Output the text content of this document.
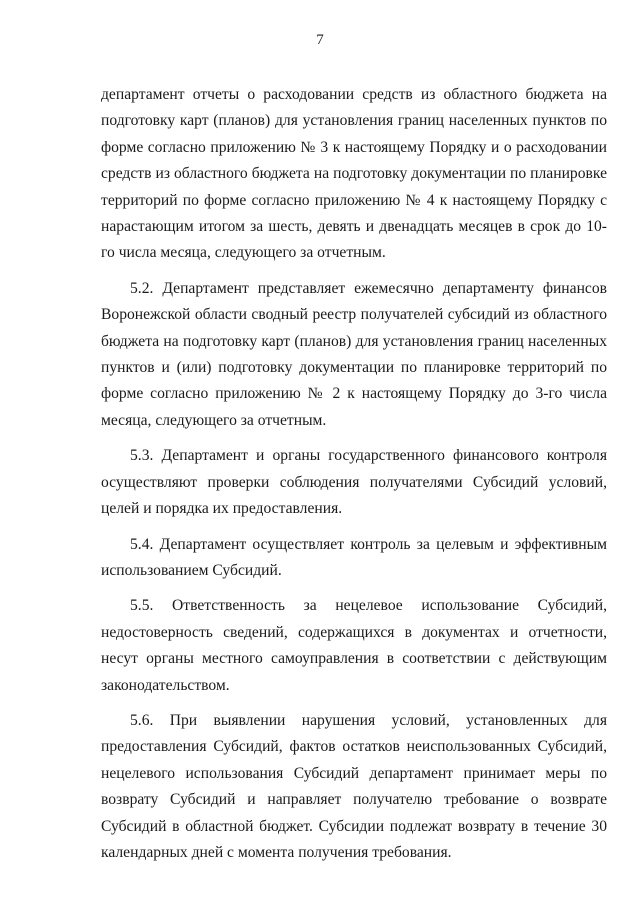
7

департамент отчеты о расходовании средств из областного бюджета на подготовку карт (планов) для установления границ населенных пунктов по форме согласно приложению № 3 к настоящему Порядку и о расходовании средств из областного бюджета на подготовку документации по планировке территорий по форме согласно приложению № 4 к настоящему Порядку с нарастающим итогом за шесть, девять и двенадцать месяцев в срок до 10-го числа месяца, следующего за отчетным.

5.2. Департамент представляет ежемесячно департаменту финансов Воронежской области сводный реестр получателей субсидий из областного бюджета на подготовку карт (планов) для установления границ населенных пунктов и (или) подготовку документации по планировке территорий по форме согласно приложению № 2 к настоящему Порядку до 3-го числа месяца, следующего за отчетным.

5.3. Департамент и органы государственного финансового контроля осуществляют проверки соблюдения получателями Субсидий условий, целей и порядка их предоставления.

5.4. Департамент осуществляет контроль за целевым и эффективным использованием Субсидий.

5.5. Ответственность за нецелевое использование Субсидий, недостоверность сведений, содержащихся в документах и отчетности, несут органы местного самоуправления в соответствии с действующим законодательством.

5.6. При выявлении нарушения условий, установленных для предоставления Субсидий, фактов остатков неиспользованных Субсидий, нецелевого использования Субсидий департамент принимает меры по возврату Субсидий и направляет получателю требование о возврате Субсидий в областной бюджет. Субсидии подлежат возврату в течение 30 календарных дней с момента получения требования.
